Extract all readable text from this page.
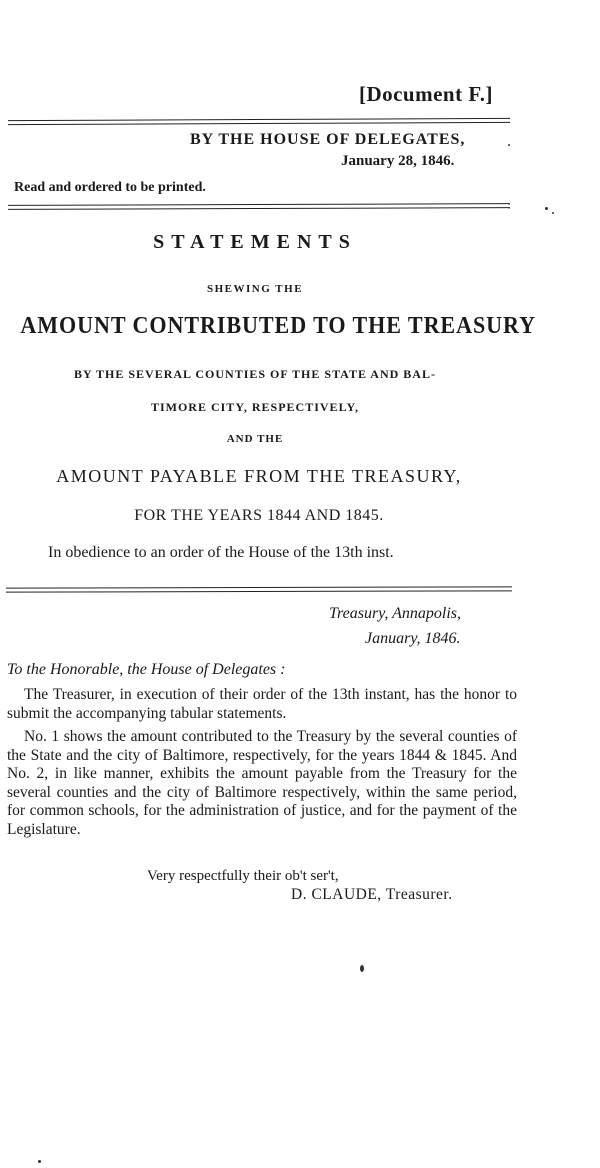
[Document F.]

BY THE HOUSE OF DELEGATES,

January 28, 1846.

Read and ordered to be printed.

STATEMENTS

SHEWING THE

AMOUNT CONTRIBUTED TO THE TREASURY

BY THE SEVERAL COUNTIES OF THE STATE AND BAL-

TIMORE CITY, RESPECTIVELY,

AND THE

AMOUNT PAYABLE FROM THE TREASURY,

FOR THE YEARS 1844 AND 1845.

In obedience to an order of the House of the 13th inst.

Treasury, Annapolis,

January, 1846.

To the Honorable, the House of Delegates :

The Treasurer, in execution of their order of the 13th instant, has the honor to submit the accompanying tabular statements.

No. 1 shows the amount contributed to the Treasury by the several counties of the State and the city of Baltimore, respectively, for the years 1844 & 1845. And No. 2, in like manner, exhibits the amount payable from the Treasury for the several counties and the city of Baltimore respectively, within the same period, for common schools, for the administration of justice, and for the payment of the Legislature.

Very respectfully their ob't ser't,

D. CLAUDE, Treasurer.
